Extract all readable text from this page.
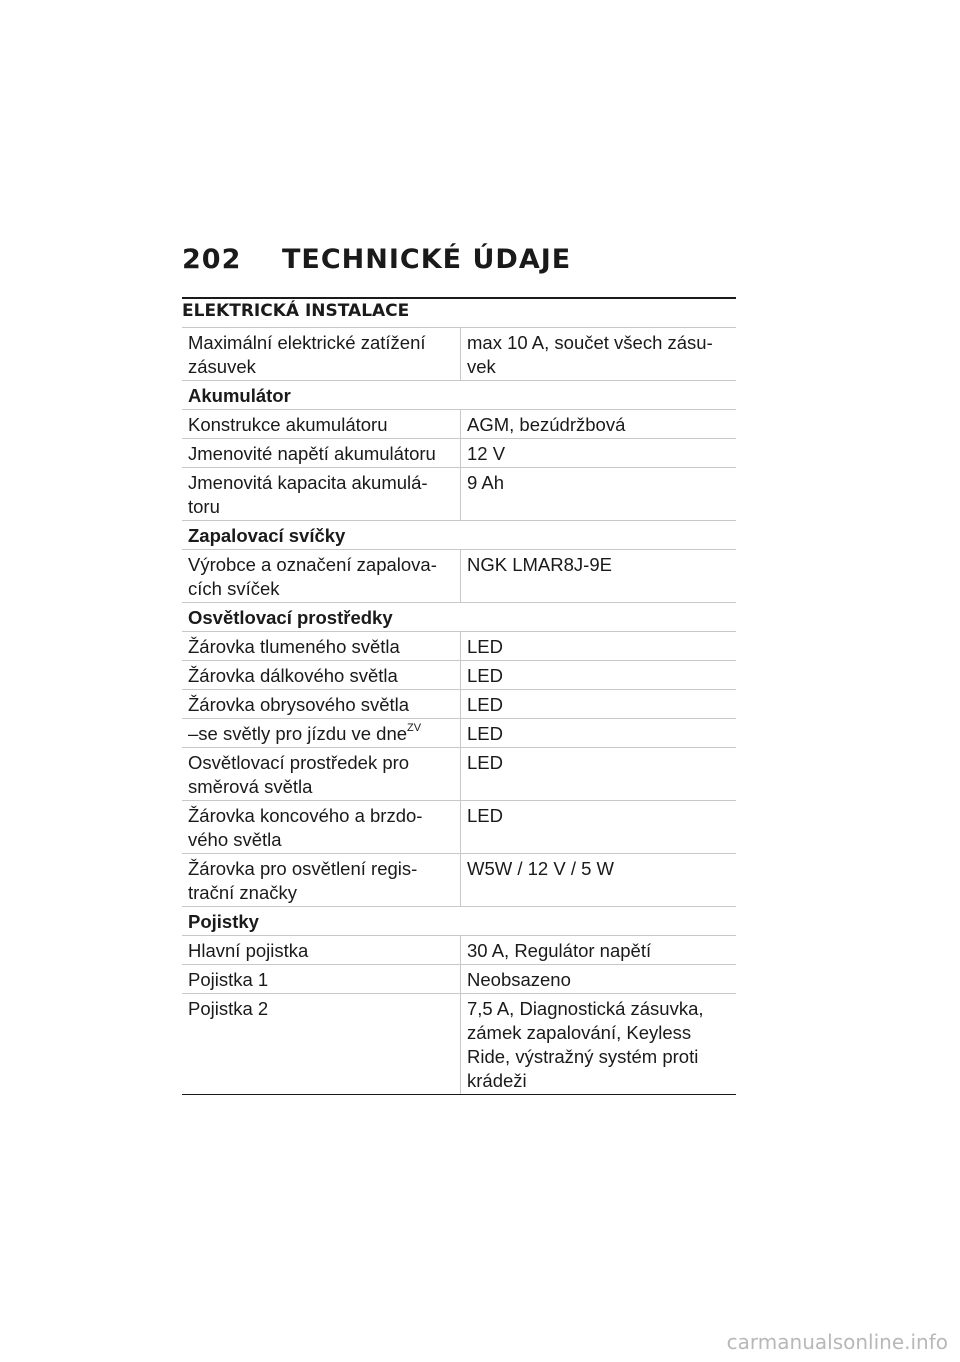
202	TECHNICKÉ ÚDAJE
ELEKTRICKÁ INSTALACE
Maximální elektrické zatížení zásuvek	max 10 A, součet všech zásu-vek
Akumulátor	
Konstrukce akumulátoru	AGM, bezúdržbová
Jmenovité napětí akumulátoru	12 V
Jmenovitá kapacita akumulá-toru	9 Ah
Zapalovací svíčky	
Výrobce a označení zapalova-cích svíček	NGK LMAR8J-9E
Osvětlovací prostředky	
Žárovka tlumeného světla	LED
Žárovka dálkového světla	LED
Žárovka obrysového světla	LED
–se světly pro jízdu ve dne$^{ZV}$	LED
Osvětlovací prostředek pro směrová světla	LED
Žárovka koncového a brzdo-vého světla	LED
Žárovka pro osvětlení regis-trační značky	W5W / 12 V / 5 W
Pojistky	
Hlavní pojistka	30 A, Regulátor napětí
Pojistka 1	Neobsazeno
Pojistka 2	7,5 A, Diagnostická zásuvka, zámek zapalování, Keyless Ride, výstražný systém proti krádeži
carmanualsonline.info
